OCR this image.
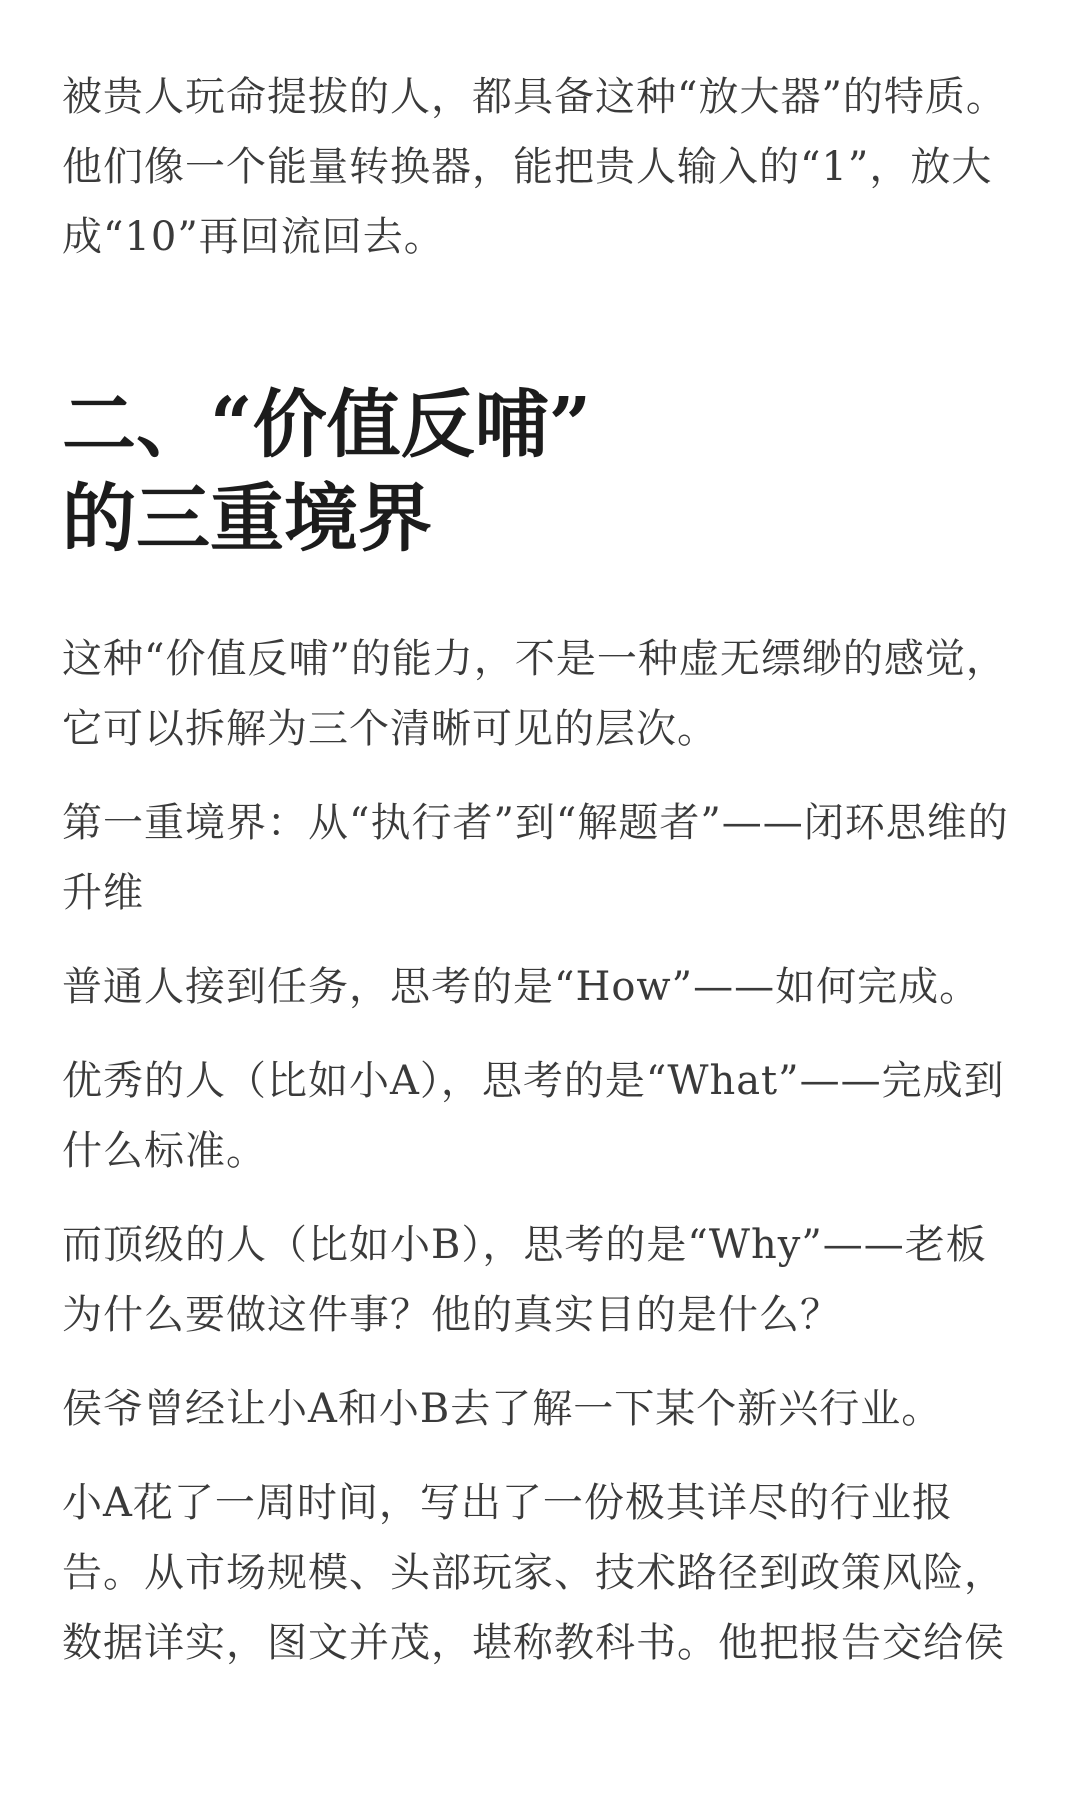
被贵人玩命提拔的人，都具备这种“放大器”的特质。他们像一个能量转换器，能把贵人输入的“1”，放大成“10”再回流回去。

二、“价值反哺”
的三重境界

这种“价值反哺”的能力，不是一种虚无缥缈的感觉，它可以拆解为三个清晰可见的层次。

第一重境界：从“执行者”到“解题者”——闭环思维的升维

普通人接到任务，思考的是“How”——如何完成。

优秀的人（比如小A），思考的是“What”——完成到什么标准。

而顶级的人（比如小B），思考的是“Why”——老板为什么要做这件事？他的真实目的是什么？

侯爷曾经让小A和小B去了解一下某个新兴行业。

小A花了一周时间，写出了一份极其详尽的行业报告。从市场规模、头部玩家、技术路径到政策风险，数据详实，图文并茂，堪称教科书。他把报告交给侯
